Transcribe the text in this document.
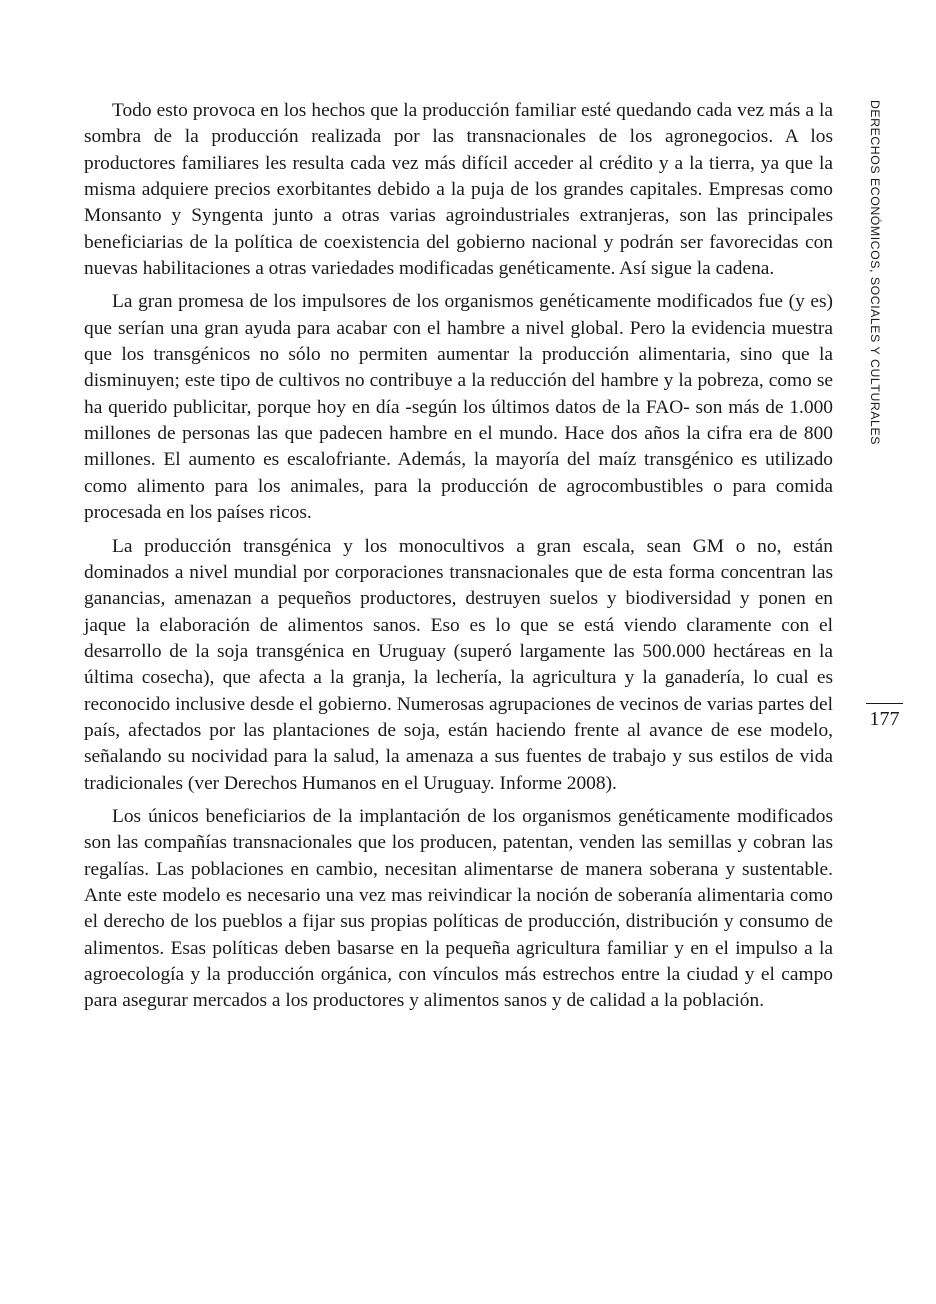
Todo esto provoca en los hechos que la producción familiar esté quedando cada vez más a la sombra de la producción realizada por las transnacionales de los agronegocios. A los productores familiares les resulta cada vez más difícil acceder al crédito y a la tierra, ya que la misma adquiere precios exorbitantes debido a la puja de los grandes capitales. Empresas como Monsanto y Syngenta junto a otras varias agroindustriales extranjeras, son las principales beneficiarias de la política de coexistencia del gobierno nacional y podrán ser favorecidas con nuevas habilitaciones a otras variedades modificadas genéticamente. Así sigue la cadena.

La gran promesa de los impulsores de los organismos genéticamente modificados fue (y es) que serían una gran ayuda para acabar con el hambre a nivel global. Pero la evidencia muestra que los transgénicos no sólo no permiten aumentar la producción alimentaria, sino que la disminuyen; este tipo de cultivos no contribuye a la reducción del hambre y la pobreza, como se ha querido publicitar, porque hoy en día -según los últimos datos de la FAO- son más de 1.000 millones de personas las que padecen hambre en el mundo. Hace dos años la cifra era de 800 millones. El aumento es escalofriante. Además, la mayoría del maíz transgénico es utilizado como alimento para los animales, para la producción de agrocombustibles o para comida procesada en los países ricos.

La producción transgénica y los monocultivos a gran escala, sean GM o no, están dominados a nivel mundial por corporaciones transnacionales que de esta forma concentran las ganancias, amenazan a pequeños productores, destruyen suelos y biodiversidad y ponen en jaque la elaboración de alimentos sanos. Eso es lo que se está viendo claramente con el desarrollo de la soja transgénica en Uruguay (superó largamente las 500.000 hectáreas en la última cosecha), que afecta a la granja, la lechería, la agricultura y la ganadería, lo cual es reconocido inclusive desde el gobierno. Numerosas agrupaciones de vecinos de varias partes del país, afectados por las plantaciones de soja, están haciendo frente al avance de ese modelo, señalando su nocividad para la salud, la amenaza a sus fuentes de trabajo y sus estilos de vida tradicionales (ver Derechos Humanos en el Uruguay. Informe 2008).

Los únicos beneficiarios de la implantación de los organismos genéticamente modificados son las compañías transnacionales que los producen, patentan, venden las semillas y cobran las regalías. Las poblaciones en cambio, necesitan alimentarse de manera soberana y sustentable. Ante este modelo es necesario una vez mas reivindicar la noción de soberanía alimentaria como el derecho de los pueblos a fijar sus propias políticas de producción, distribución y consumo de alimentos. Esas políticas deben basarse en la pequeña agricultura familiar y en el impulso a la agroecología y la producción orgánica, con vínculos más estrechos entre la ciudad y el campo para asegurar mercados a los productores y alimentos sanos y de calidad a la población.

DERECHOS ECONÓMICOS, SOCIALES Y CULTURALES
177
